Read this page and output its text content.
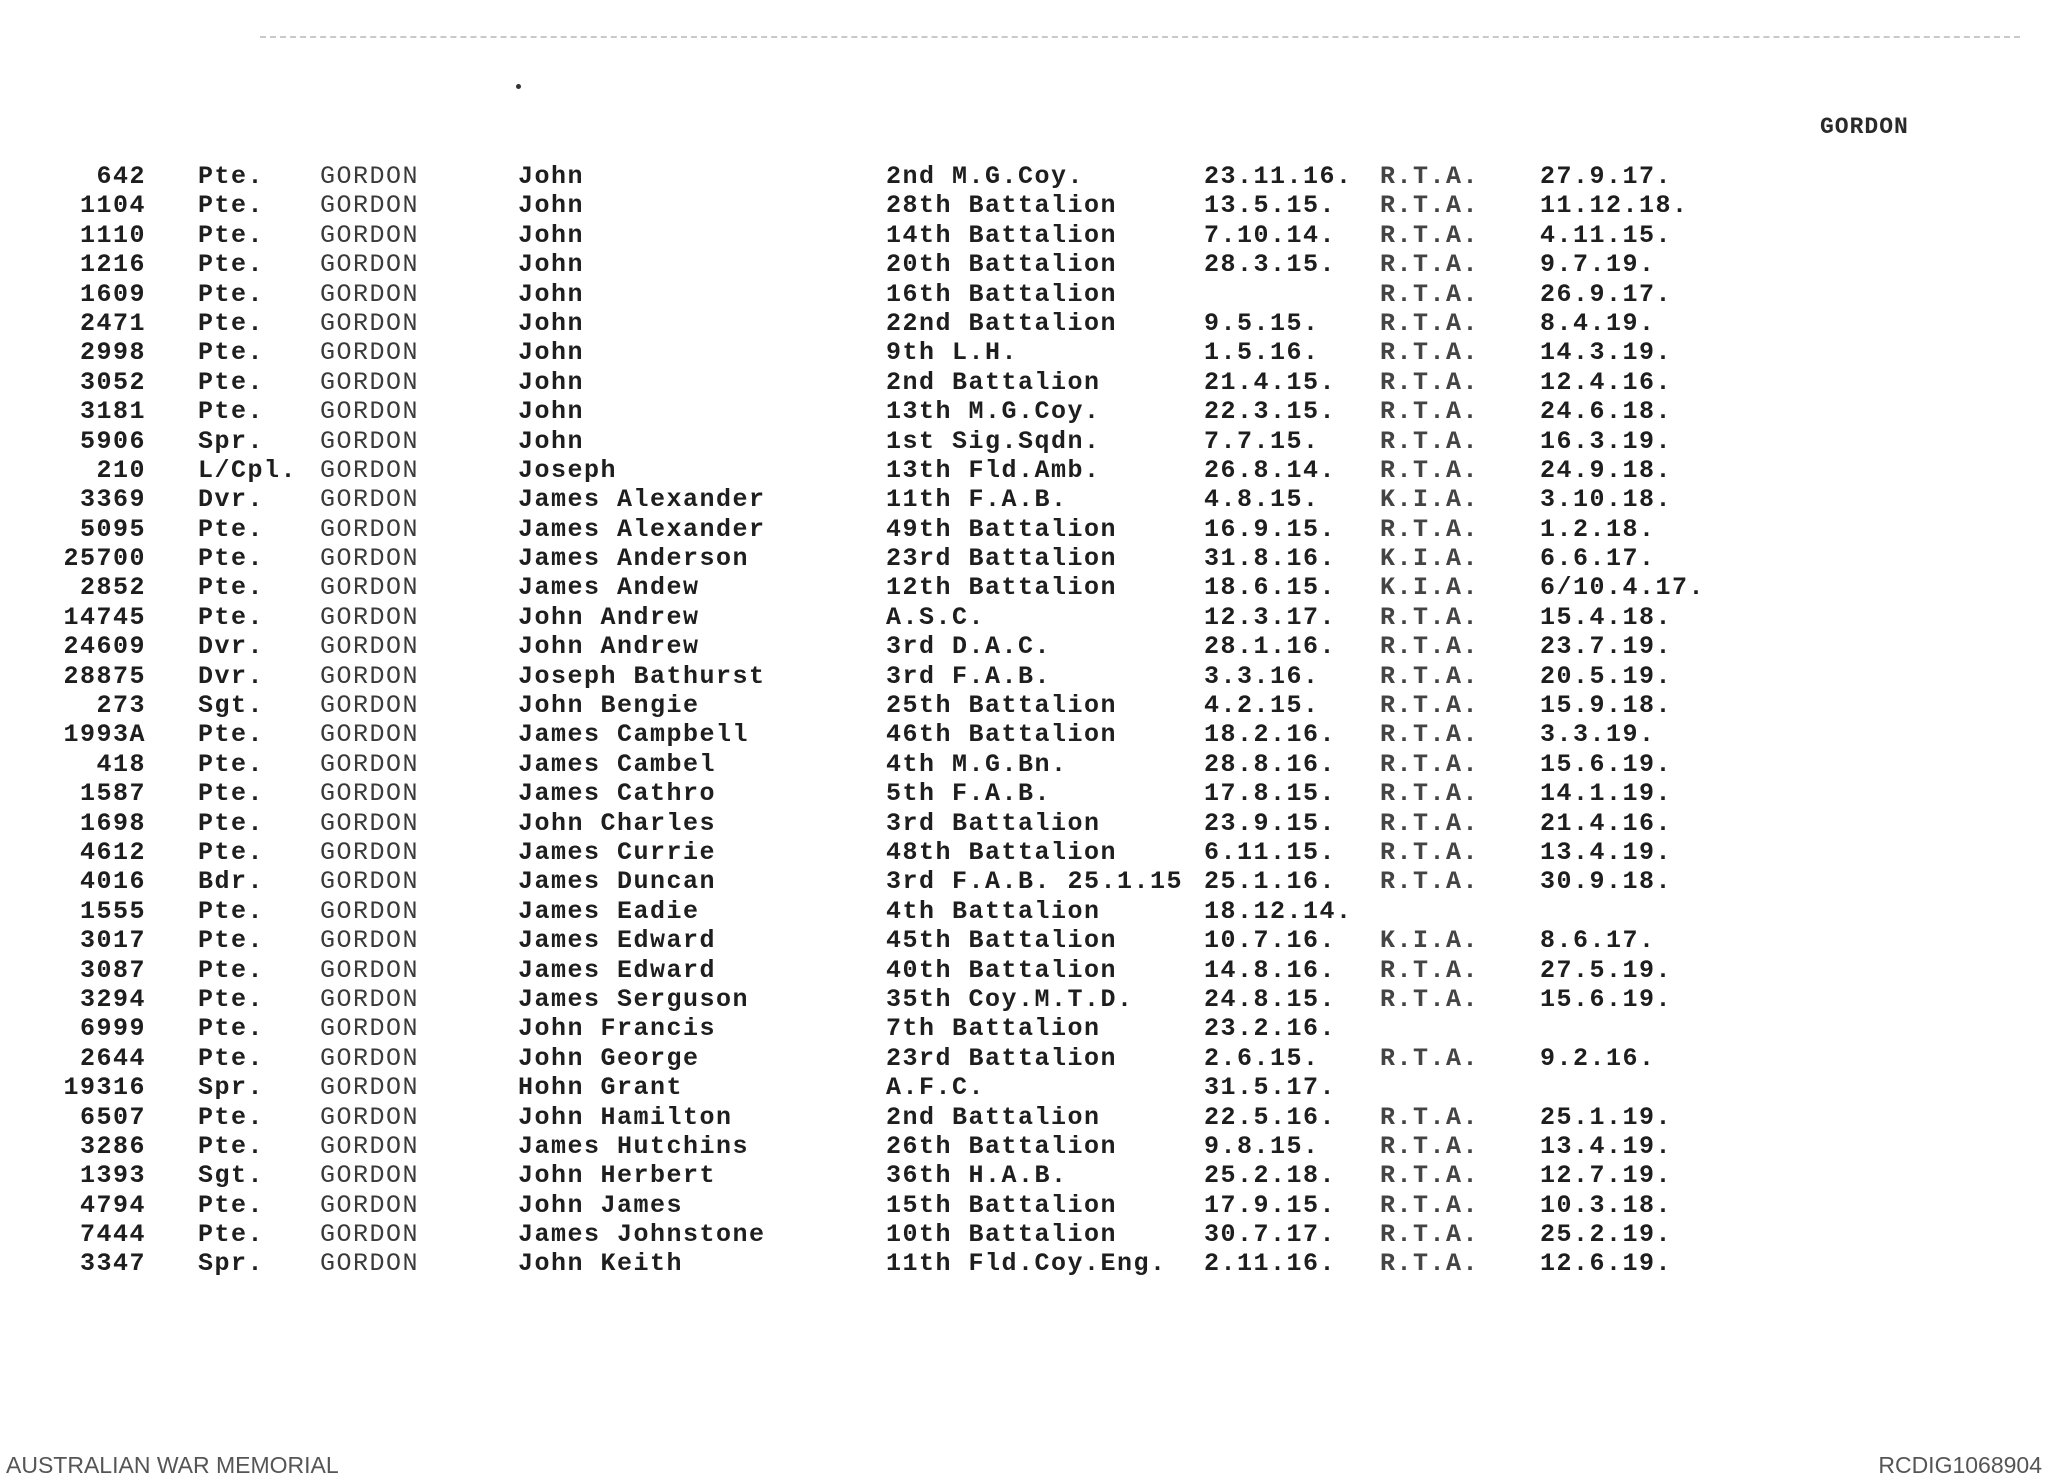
GORDON
642 Pte. GORDON	John	2nd M.G.Coy.	23.11.16. R.T.A. 27.9.17.
1104 Pte. GORDON	John	28th Battalion	13.5.15. R.T.A. 11.12.18.
1110 Pte. GORDON	John	14th Battalion	7.10.14. R.T.A. 4.11.15.
1216 Pte. GORDON	John	20th Battalion	28.3.15. R.T.A. 9.7.19.
1609 Pte. GORDON	John	16th Battalion	R.T.A. 26.9.17.
2471 Pte. GORDON	John	22nd Battalion	9.5.15. R.T.A. 8.4.19.
2998 Pte. GORDON	John	9th L.H.	1.5.16. R.T.A. 14.3.19.
3052 Pte. GORDON	John	2nd Battalion	21.4.15. R.T.A. 12.4.16.
3181 Pte. GORDON	John	13th M.G.Coy.	22.3.15. R.T.A. 24.6.18.
5906 Spr. GORDON	John	1st Sig.Sqdn.	7.7.15. R.T.A. 16.3.19.
210 L/Cpl. GORDON	Joseph	13th Fld.Amb.	26.8.14. R.T.A. 24.9.18.
3369 Dvr. GORDON	James Alexander	11th F.A.B.	4.8.15. K.I.A. 3.10.18.
5095 Pte. GORDON	James Alexander	49th Battalion	16.9.15. R.T.A. 1.2.18.
25700 Pte. GORDON	James Anderson	23rd Battalion	31.8.16. K.I.A. 6.6.17.
2852 Pte. GORDON	James Andew	12th Battalion	18.6.15. K.I.A. 6/10.4.17.
14745 Pte. GORDON	John Andrew	A.S.C.	12.3.17. R.T.A. 15.4.18.
24609 Dvr. GORDON	John Andrew	3rd D.A.C.	28.1.16. R.T.A. 23.7.19.
28875 Dvr. GORDON	Joseph Bathurst	3rd F.A.B.	3.3.16. R.T.A. 20.5.19.
273 Sgt. GORDON	John Bengie	25th Battalion	4.2.15. R.T.A. 15.9.18.
1993A Pte. GORDON	James Campbell	46th Battalion	18.2.16. R.T.A. 3.3.19.
418 Pte. GORDON	James Cambel	4th M.G.Bn.	28.8.16. R.T.A. 15.6.19.
1587 Pte. GORDON	James Cathro	5th F.A.B.	17.8.15. R.T.A. 14.1.19.
1698 Pte. GORDON	John Charles	3rd Battalion	23.9.15. R.T.A. 21.4.16.
4612 Pte. GORDON	James Currie	48th Battalion	6.11.15. R.T.A. 13.4.19.
4016 Bdr. GORDON	James Duncan	3rd F.A.B. 25.1.15 25.1.16. R.T.A. 30.9.18.
1555 Pte. GORDON	James Eadie	4th Battalion	18.12.14.
3017 Pte. GORDON	James Edward	45th Battalion	10.7.16. K.I.A. 8.6.17.
3087 Pte. GORDON	James Edward	40th Battalion	14.8.16. R.T.A. 27.5.19.
3294 Pte. GORDON	James Serguson	35th Coy.M.T.D.	24.8.15. R.T.A. 15.6.19.
6999 Pte. GORDON	John Francis	7th Battalion	23.2.16.
2644 Pte. GORDON	John George	23rd Battalion	2.6.15. R.T.A. 9.2.16.
19316 Spr. GORDON	Hohn Grant	A.F.C.	31.5.17.
6507 Pte. GORDON	John Hamilton	2nd Battalion	22.5.16. R.T.A. 25.1.19.
3286 Pte. GORDON	James Hutchins	26th Battalion	9.8.15. R.T.A. 13.4.19.
1393 Sgt. GORDON	John Herbert	36th H.A.B.	25.2.18. R.T.A. 12.7.19.
4794 Pte. GORDON	John James	15th Battalion	17.9.15. R.T.A. 10.3.18.
7444 Pte. GORDON	James Johnstone	10th Battalion	30.7.17. R.T.A. 25.2.19.
3347 Spr. GORDON	John Keith	11th Fld.Coy.Eng. 2.11.16. R.T.A. 12.6.19.
AUSTRALIAN WAR MEMORIAL	RCDIG1068904
